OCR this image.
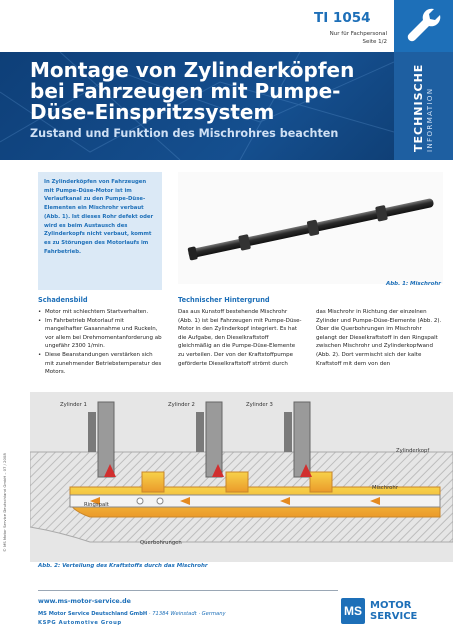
TI 1054
Nur für Fachpersonal
Seite 1/2
Montage von Zylinderköpfen bei Fahrzeugen mit Pumpe-Düse-Einspritzsystem
Zustand und Funktion des Mischrohres beachten	TECHNISCHE INFORMATION
In Zylinderköpfen von Fahrzeugen mit Pumpe-Düse-Motor ist im Verlaufkanal zu den Pumpe-Düse-Elementen ein Mischrohr verbaut (Abb. 1). Ist dieses Rohr defekt oder wird es beim Austausch des Zylinderkopfs nicht verbaut, kommt es zu Störungen des Motorlaufs im Fahrbetrieb.
Abb. 1: Mischrohr
Schadensbild
• Motor mit schlechtem Startverhalten.
• Im Fahrbetrieb Motorlauf mit mangelhafter Gasannahme und Ruckeln, vor allem bei Drehmomentanforderung ab ungefähr 2300 1/min.
• Diese Beanstandungen verstärken sich mit zunehmender Betriebstemperatur des Motors.
Technischer Hintergrund
Das aus Kunstoff bestehende Mischrohr (Abb. 1) ist bei Fahrzeugen mit Pumpe-Düse-Motor in den Zylinderkopf integriert. Es hat die Aufgabe, den Dieselkraftstoff gleichmäßig an die Pumpe-Düse-Elemente zu verteilen. Der von der Kraftstoffpumpe geförderte Dieselkraftstoff strömt durch
das Mischrohr in Richtung der einzelnen Zylinder und Pumpe-Düse-Elemente (Abb. 2). Über die Querbohrungen im Mischrohr gelangt der Dieselkraftstoff in den Ringspalt zwischen Mischrohr und Zylinderkopfwand (Abb. 2). Dort vermischt sich der kalte Kraftstoff mit dem von den
Zylinder 1	Zylinder 2	Zylinder 3
Zylinderkopf
Mischrohr
Ringspalt
Querbohrungen
Abb. 2: Verteilung des Kraftstoffs durch das Mischrohr
© MS Motor Service Deutschland GmbH – 07 / 2008
www.ms-motor-service.de
MS Motor Service Deutschland GmbH · 71384 Weinstadt · Germany
KSPG Automotive Group
MS MOTOR
SERVICE
